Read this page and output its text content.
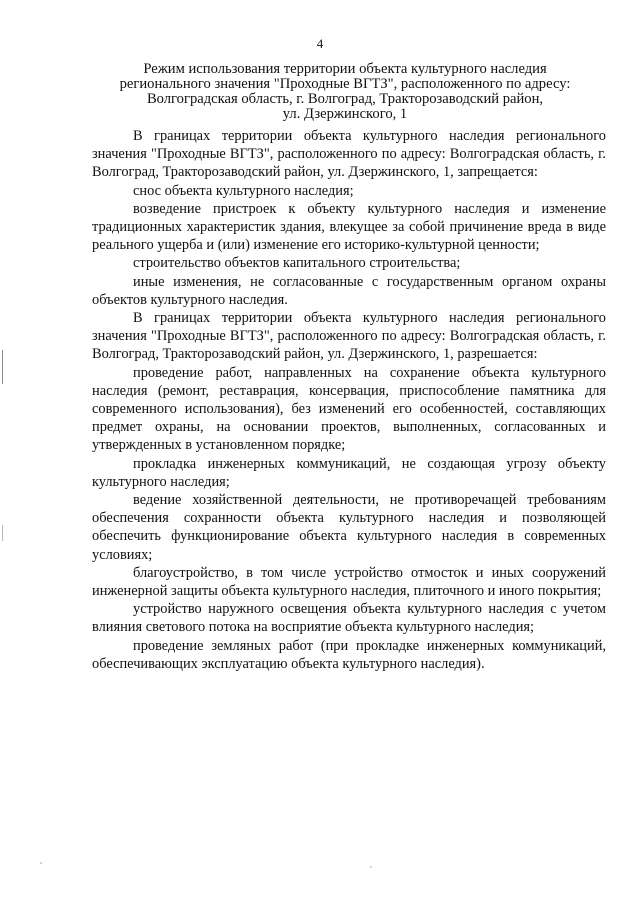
4
Режим использования территории объекта культурного наследия
регионального значения "Проходные ВГТЗ", расположенного по адресу:
Волгоградская область, г. Волгоград, Тракторозаводский район,
ул. Дзержинского, 1

В границах территории объекта культурного наследия регионального значения "Проходные ВГТЗ", расположенного по адресу: Волгоградская область, г. Волгоград, Тракторозаводский район, ул. Дзержинского, 1, запрещается:

снос объекта культурного наследия;

возведение пристроек к объекту культурного наследия и изменение традиционных характеристик здания, влекущее за собой причинение вреда в виде реального ущерба и (или) изменение его историко-культурной ценности;

строительство объектов капитального строительства;

иные изменения, не согласованные с государственным органом охраны объектов культурного наследия.

В границах территории объекта культурного наследия регионального значения "Проходные ВГТЗ", расположенного по адресу: Волгоградская область, г. Волгоград, Тракторозаводский район, ул. Дзержинского, 1, разрешается:

проведение работ, направленных на сохранение объекта культурного наследия (ремонт, реставрация, консервация, приспособление памятника для современного использования), без изменений его особенностей, составляющих предмет охраны, на основании проектов, выполненных, согласованных и утвержденных в установленном порядке;

прокладка инженерных коммуникаций, не создающая угрозу объекту культурного наследия;

ведение хозяйственной деятельности, не противоречащей требованиям обеспечения сохранности объекта культурного наследия и позволяющей обеспечить функционирование объекта культурного наследия в современных условиях;

благоустройство, в том числе устройство отмосток и иных сооружений инженерной защиты объекта культурного наследия, плиточного и иного покрытия;

устройство наружного освещения объекта культурного наследия с учетом влияния светового потока на восприятие объекта культурного наследия;

проведение земляных работ (при прокладке инженерных коммуникаций, обеспечивающих эксплуатацию объекта культурного наследия).
